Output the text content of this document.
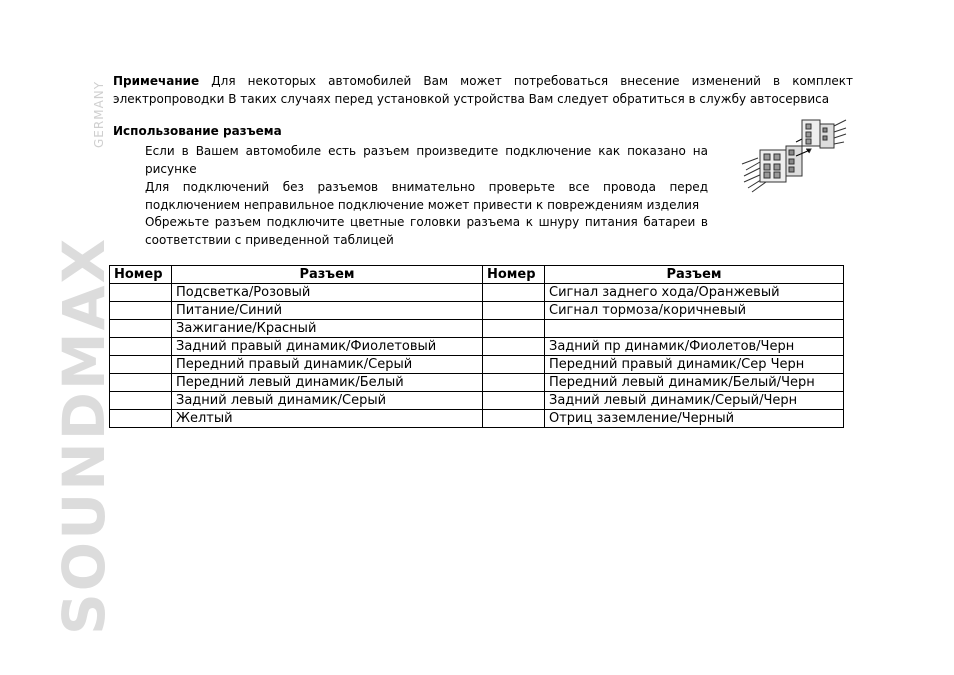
SOUNDMAX
GERMANY Примечание Для некоторых автомобилей Вам может потребоваться внесение изменений в комплект электропроводки В таких случаях перед установкой устройства Вам следует обратиться в службу автосервиса
Использование разъема
Если в Вашем автомобиле есть разъем произведите подключение как показано на рисунке
Для подключений без разъемов внимательно проверьте все провода перед подключением неправильное подключение может привести к повреждениям изделия
Обрежьте разъем подключите цветные головки разъема к шнуру питания батареи в соответствии с приведенной таблицей
Номер	Разъем	Номер	Разъем
	Подсветка/Розовый		Сигнал заднего хода/Оранжевый
	Питание/Синий		Сигнал тормоза/коричневый
	Зажигание/Красный		
	Задний правый динамик/Фиолетовый		Задний пр динамик/Фиолетов/Черн
	Передний правый динамик/Серый		Передний правый динамик/Сер Черн
	Передний левый динамик/Белый		Передний левый динамик/Белый/Черн
	Задний левый динамик/Серый		Задний левый динамик/Серый/Черн
	Желтый		Отриц заземление/Черный
